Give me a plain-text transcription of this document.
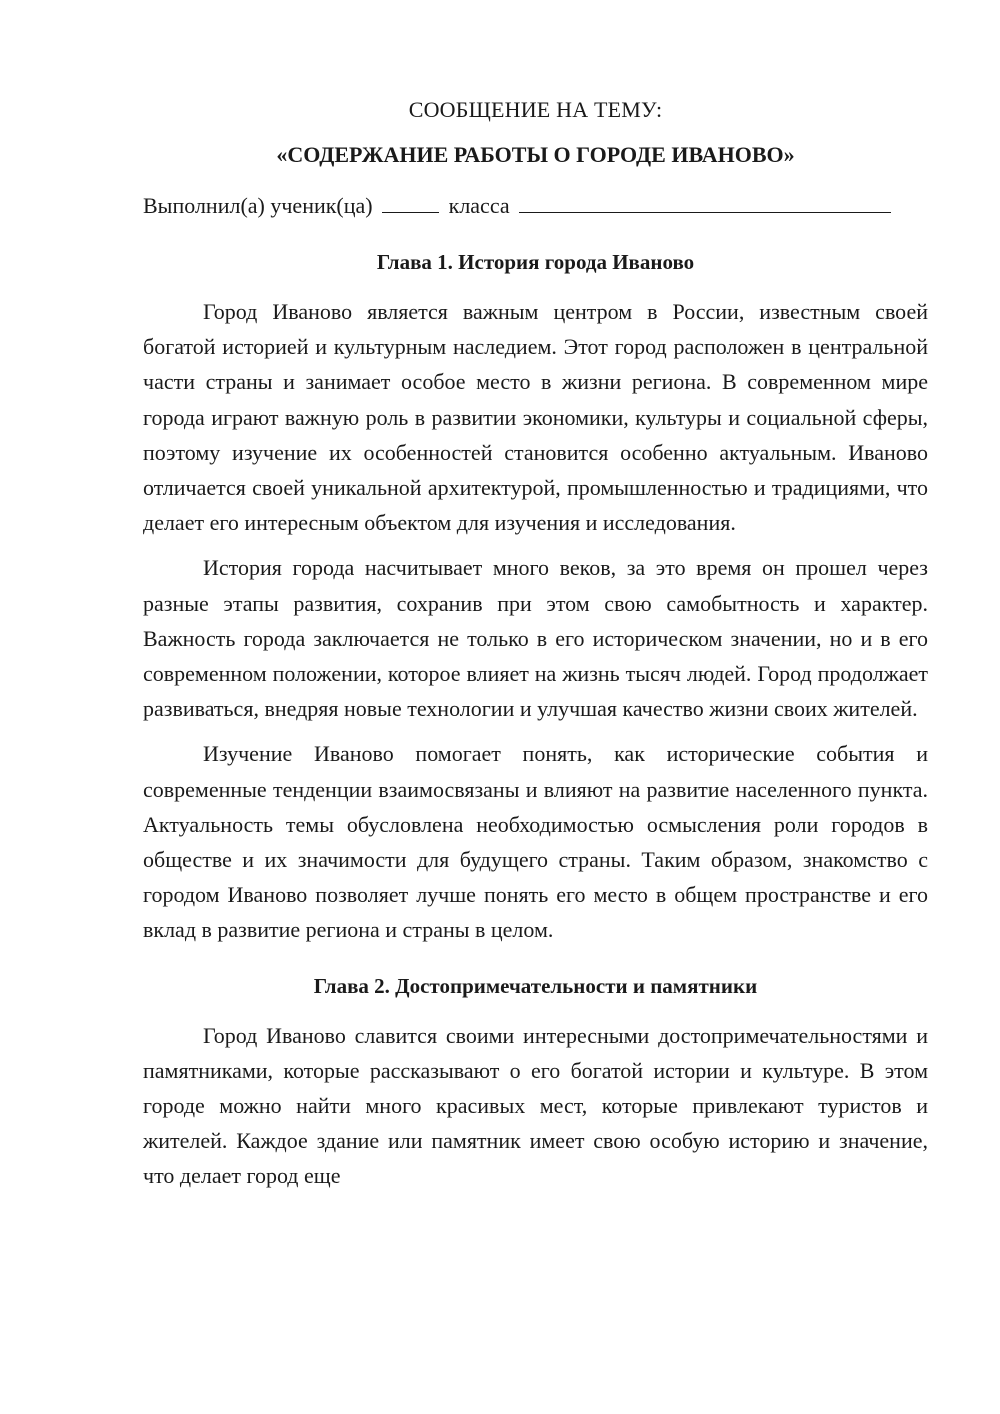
СООБЩЕНИЕ НА ТЕМУ:

«СОДЕРЖАНИЕ РАБОТЫ О ГОРОДЕ ИВАНОВО»

Выполнил(а) ученик(ца)	класса

Глава 1. История города Иваново

Город Иваново является важным центром в России, известным своей богатой историей и культурным наследием. Этот город расположен в центральной части страны и занимает особое место в жизни региона. В современном мире города играют важную роль в развитии экономики, культуры и социальной сферы, поэтому изучение их особенностей становится особенно актуальным. Иваново отличается своей уникальной архитектурой, промышленностью и традициями, что делает его интересным объектом для изучения и исследования.

История города насчитывает много веков, за это время он прошел через разные этапы развития, сохранив при этом свою самобытность и характер. Важность города заключается не только в его историческом значении, но и в его современном положении, которое влияет на жизнь тысяч людей. Город продолжает развиваться, внедряя новые технологии и улучшая качество жизни своих жителей.

Изучение Иваново помогает понять, как исторические события и современные тенденции взаимосвязаны и влияют на развитие населенного пункта. Актуальность темы обусловлена необходимостью осмысления роли городов в обществе и их значимости для будущего страны. Таким образом, знакомство с городом Иваново позволяет лучше понять его место в общем пространстве и его вклад в развитие региона и страны в целом.

Глава 2. Достопримечательности и памятники

Город Иваново славится своими интересными достопримечательностями и памятниками, которые рассказывают о его богатой истории и культуре. В этом городе можно найти много красивых мест, которые привлекают туристов и жителей. Каждое здание или памятник имеет свою особую историю и значение, что делает город еще
